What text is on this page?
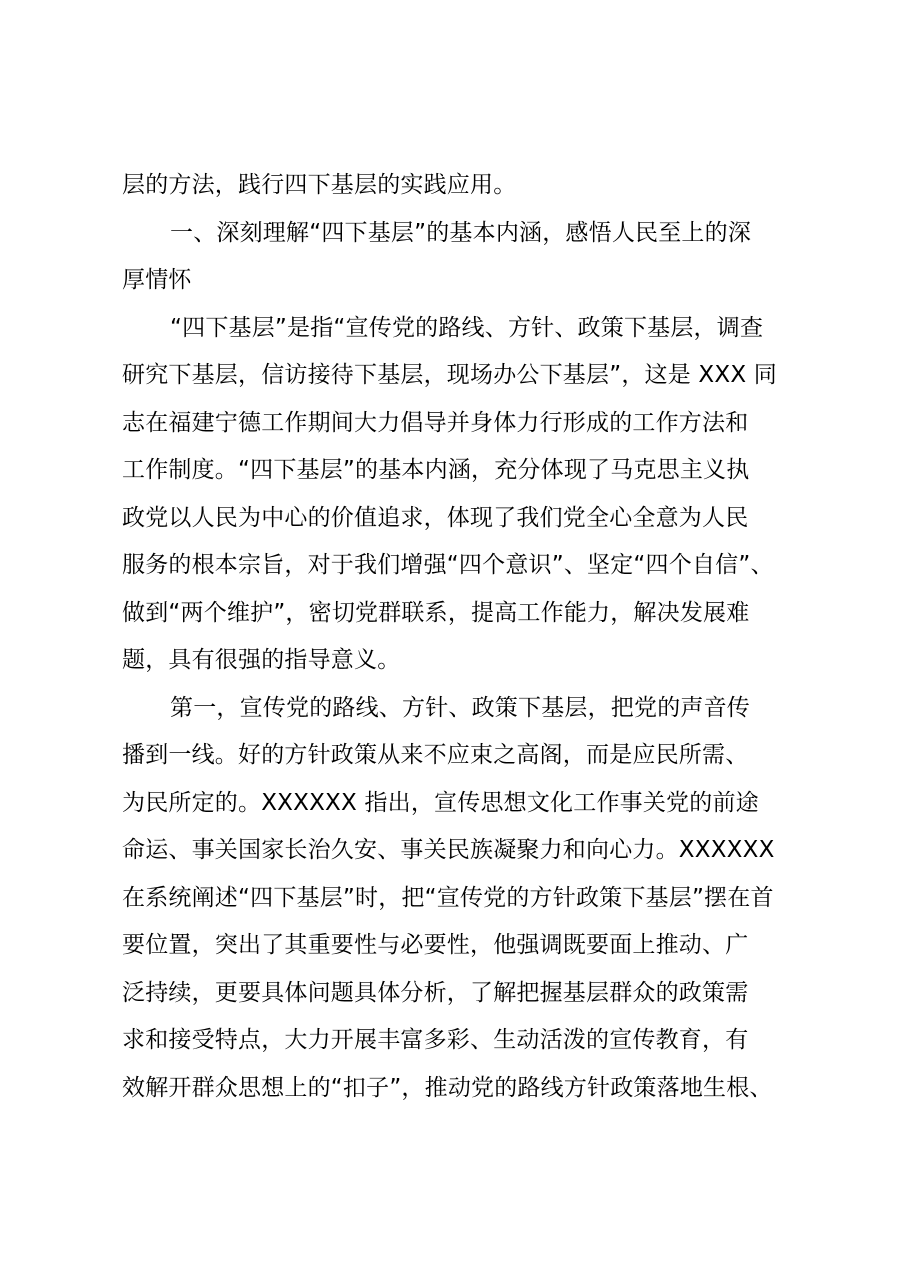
层的方法，践行四下基层的实践应用。
一、深刻理解“四下基层”的基本内涵，感悟人民至上的深
厚情怀
“四下基层”是指“宣传党的路线、方针、政策下基层，调查
研究下基层，信访接待下基层，现场办公下基层”，这是 XXX 同
志在福建宁德工作期间大力倡导并身体力行形成的工作方法和
工作制度。“四下基层”的基本内涵，充分体现了马克思主义执
政党以人民为中心的价值追求，体现了我们党全心全意为人民
服务的根本宗旨，对于我们增强“四个意识”、坚定“四个自信”、
做到“两个维护”，密切党群联系，提高工作能力，解决发展难
题，具有很强的指导意义。
第一，宣传党的路线、方针、政策下基层，把党的声音传
播到一线。好的方针政策从来不应束之高阁，而是应民所需、
为民所定的。XXXXXX 指出，宣传思想文化工作事关党的前途
命运、事关国家长治久安、事关民族凝聚力和向心力。XXXXXX
在系统阐述“四下基层”时，把“宣传党的方针政策下基层”摆在首
要位置，突出了其重要性与必要性，他强调既要面上推动、广
泛持续，更要具体问题具体分析，了解把握基层群众的政策需
求和接受特点，大力开展丰富多彩、生动活泼的宣传教育，有
效解开群众思想上的“扣子”，推动党的路线方针政策落地生根、
